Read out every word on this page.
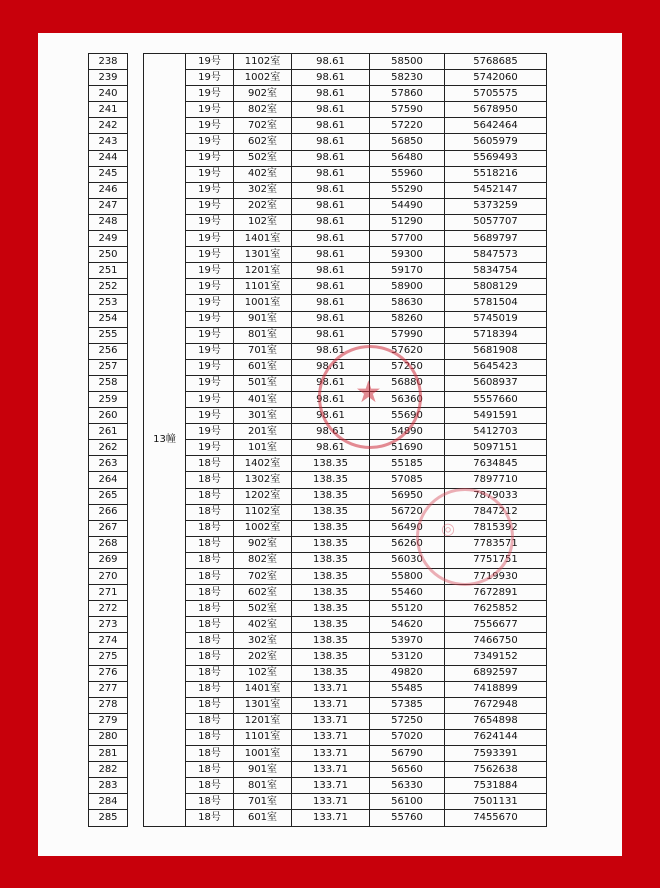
238		13幢	19号	1102室	98.61	58500	5768685
239			19号	1002室	98.61	58230	5742060
240			19号	902室	98.61	57860	5705575
241			19号	802室	98.61	57590	5678950
242			19号	702室	98.61	57220	5642464
243			19号	602室	98.61	56850	5605979
244			19号	502室	98.61	56480	5569493
245			19号	402室	98.61	55960	5518216
246			19号	302室	98.61	55290	5452147
247			19号	202室	98.61	54490	5373259
248			19号	102室	98.61	51290	5057707
249			19号	1401室	98.61	57700	5689797
250			19号	1301室	98.61	59300	5847573
251			19号	1201室	98.61	59170	5834754
252			19号	1101室	98.61	58900	5808129
253			19号	1001室	98.61	58630	5781504
254			19号	901室	98.61	58260	5745019
255			19号	801室	98.61	57990	5718394
256			19号	701室	98.61	57620	5681908
257			19号	601室	98.61	57250	5645423
258			19号	501室	98.61	56880	5608937
259			19号	401室	98.61	56360	5557660
260			19号	301室	98.61	55690	5491591
261			19号	201室	98.61	54890	5412703
262			19号	101室	98.61	51690	5097151
263			18号	1402室	138.35	55185	7634845
264			18号	1302室	138.35	57085	7897710
265			18号	1202室	138.35	56950	7879033
266			18号	1102室	138.35	56720	7847212
267			18号	1002室	138.35	56490	7815392
268			18号	902室	138.35	56260	7783571
269			18号	802室	138.35	56030	7751751
270			18号	702室	138.35	55800	7719930
271			18号	602室	138.35	55460	7672891
272			18号	502室	138.35	55120	7625852
273			18号	402室	138.35	54620	7556677
274			18号	302室	138.35	53970	7466750
275			18号	202室	138.35	53120	7349152
276			18号	102室	138.35	49820	6892597
277			18号	1401室	133.71	55485	7418899
278			18号	1301室	133.71	57385	7672948
279			18号	1201室	133.71	57250	7654898
280			18号	1101室	133.71	57020	7624144
281			18号	1001室	133.71	56790	7593391
282			18号	901室	133.71	56560	7562638
283			18号	801室	133.71	56330	7531884
284			18号	701室	133.71	56100	7501131
285			18号	601室	133.71	55760	7455670
★
◎
